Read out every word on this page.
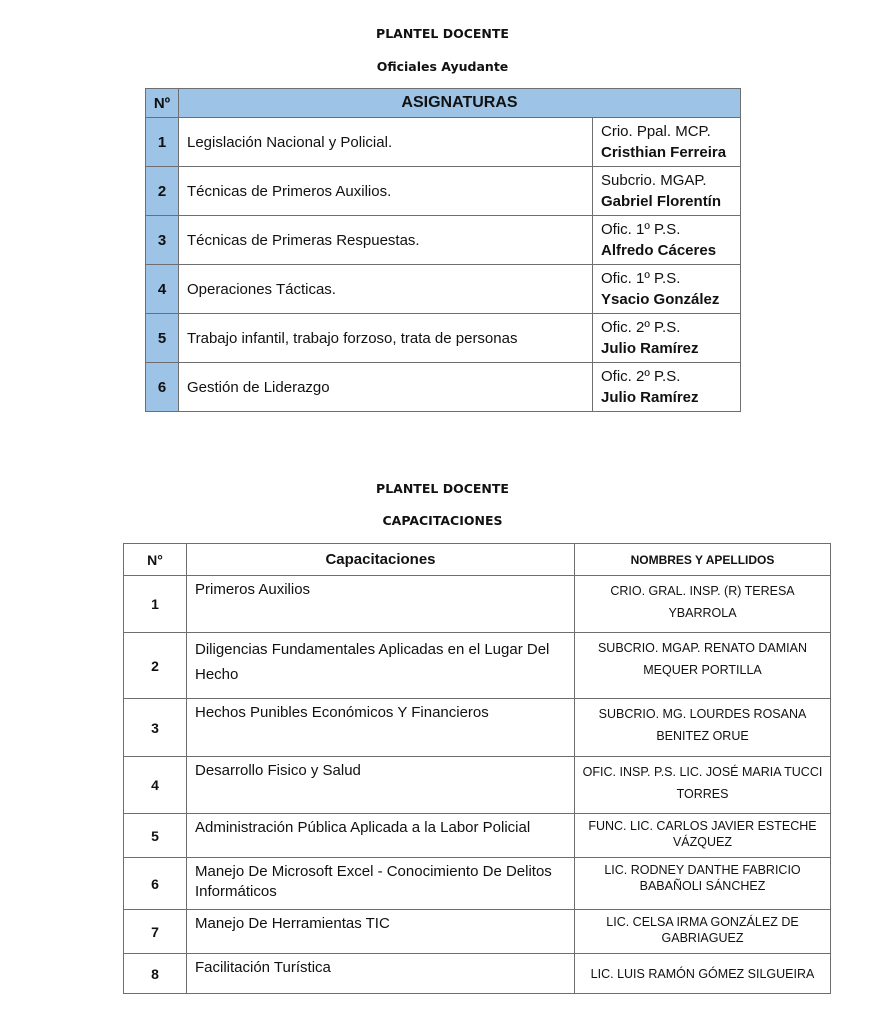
PLANTEL DOCENTE
Oficiales Ayudante
Nº	ASIGNATURAS	
1	Legislación Nacional y Policial.	Crio. Ppal. MCP.
Cristhian Ferreira
2	Técnicas de Primeros Auxilios.	Subcrio. MGAP.
Gabriel Florentín
3	Técnicas de Primeras Respuestas.	Ofic. 1º P.S.
Alfredo Cáceres
4	Operaciones Tácticas.	Ofic. 1º P.S.
Ysacio González
5	Trabajo infantil, trabajo forzoso, trata de personas	Ofic. 2º P.S.
Julio Ramírez
6	Gestión de Liderazgo	Ofic. 2º P.S.
Julio Ramírez
PLANTEL DOCENTE
CAPACITACIONES
N°	Capacitaciones	NOMBRES Y APELLIDOS
1	Primeros Auxilios	CRIO. GRAL. INSP. (R) TERESA YBARROLA
2	Diligencias Fundamentales Aplicadas en el Lugar Del Hecho	SUBCRIO. MGAP. RENATO DAMIAN MEQUER PORTILLA
3	Hechos Punibles Económicos Y Financieros	SUBCRIO. MG. LOURDES ROSANA BENITEZ ORUE
4	Desarrollo Fisico y Salud	OFIC. INSP. P.S. LIC. JOSÉ MARIA TUCCI TORRES
5	Administración Pública Aplicada a la Labor Policial	FUNC. LIC. CARLOS JAVIER ESTECHE VÁZQUEZ
6	Manejo De Microsoft Excel - Conocimiento De Delitos Informáticos	LIC. RODNEY DANTHE FABRICIO BABAÑOLI SÁNCHEZ
7	Manejo De Herramientas TIC	LIC. CELSA IRMA GONZÁLEZ DE GABRIAGUEZ
8	Facilitación Turística	LIC. LUIS RAMÓN GÓMEZ SILGUEIRA
